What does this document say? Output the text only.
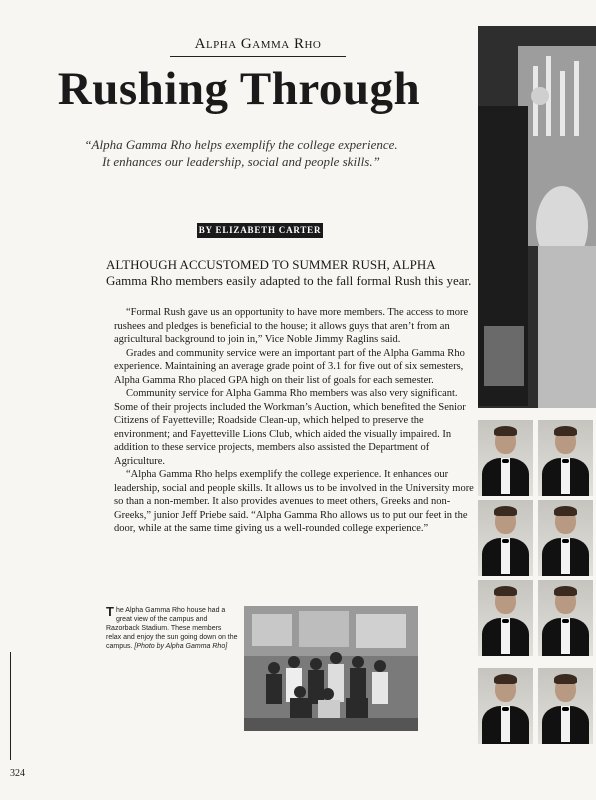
Alpha Gamma Rho
Rushing Through
“Alpha Gamma Rho helps exemplify the college experience.
It enhances our leadership, social and people skills.”
BY ELIZABETH CARTER
ALTHOUGH ACCUSTOMED TO SUMMER RUSH, ALPHA Gamma Rho members easily adapted to the fall formal Rush this year.

“Formal Rush gave us an opportunity to have more members. The access to more rushees and pledges is beneficial to the house; it allows guys that aren’t from an agricultural background to join in,” Vice Noble Jimmy Raglins said.

Grades and community service were an important part of the Alpha Gamma Rho experience. Maintaining an average grade point of 3.1 for five out of six semesters, Alpha Gamma Rho placed GPA high on their list of goals for each semester.

Community service for Alpha Gamma Rho members was also very significant. Some of their projects included the Workman’s Auction, which benefited the Senior Citizens of Fayetteville; Roadside Clean-up, which helped to preserve the environment; and Fayetteville Lions Club, which aided the visually impaired. In addition to these service projects, members also assisted the Department of Agriculture.

“Alpha Gamma Rho helps exemplify the college experience. It enhances our leadership, social and people skills. It allows us to be involved in the University more so than a non-member. It also provides avenues to meet others, Greeks and non-Greeks,” junior Jeff Priebe said. “Alpha Gamma Rho allows us to put our feet in the door, while at the same time giving us a well-rounded college experience.”

The Alpha Gamma Rho house had a great view of the campus and Razorback Stadium. These members relax and enjoy the sun going down on the campus. [Photo by Alpha Gamma Rho]
324
